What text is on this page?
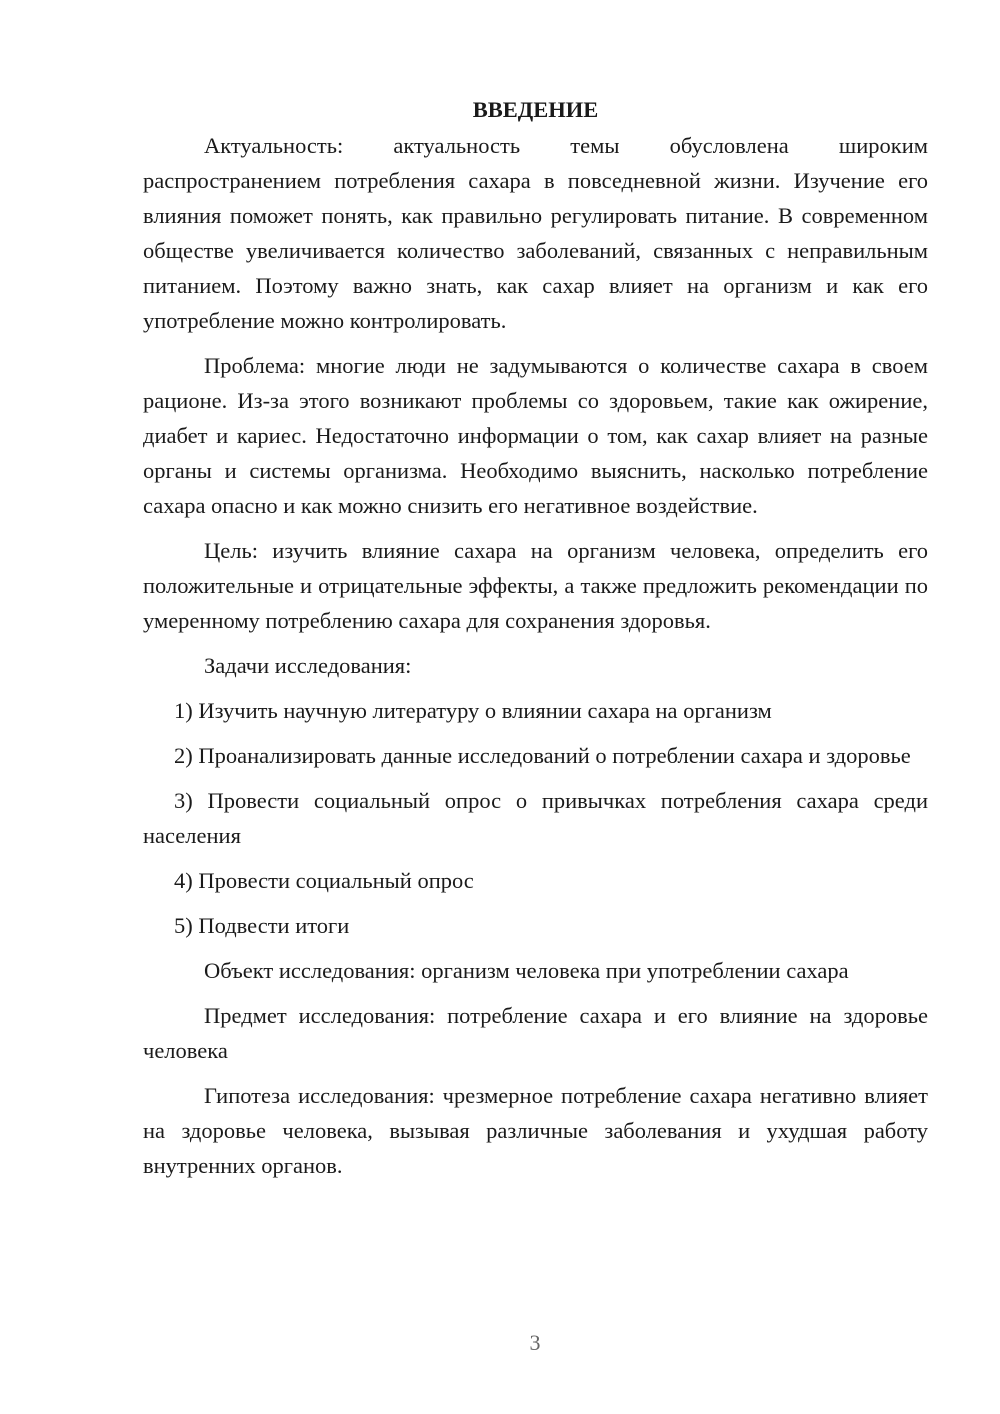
ВВЕДЕНИЕ

Актуальность: актуальность темы обусловлена широким распространением потребления сахара в повседневной жизни. Изучение его влияния поможет понять, как правильно регулировать питание. В современном обществе увеличивается количество заболеваний, связанных с неправильным питанием. Поэтому важно знать, как сахар влияет на организм и как его употребление можно контролировать.

Проблема: многие люди не задумываются о количестве сахара в своем рационе. Из-за этого возникают проблемы со здоровьем, такие как ожирение, диабет и кариес. Недостаточно информации о том, как сахар влияет на разные органы и системы организма. Необходимо выяснить, насколько потребление сахара опасно и как можно снизить его негативное воздействие.

Цель: изучить влияние сахара на организм человека, определить его положительные и отрицательные эффекты, а также предложить рекомендации по умеренному потреблению сахара для сохранения здоровья.

Задачи исследования:

1) Изучить научную литературу о влиянии сахара на организм

2) Проанализировать данные исследований о потреблении сахара и здоровье

3) Провести социальный опрос о привычках потребления сахара среди населения

4) Провести социальный опрос

5) Подвести итоги

Объект исследования: организм человека при употреблении сахара

Предмет исследования: потребление сахара и его влияние на здоровье человека

Гипотеза исследования: чрезмерное потребление сахара негативно влияет на здоровье человека, вызывая различные заболевания и ухудшая работу внутренних органов.

3
